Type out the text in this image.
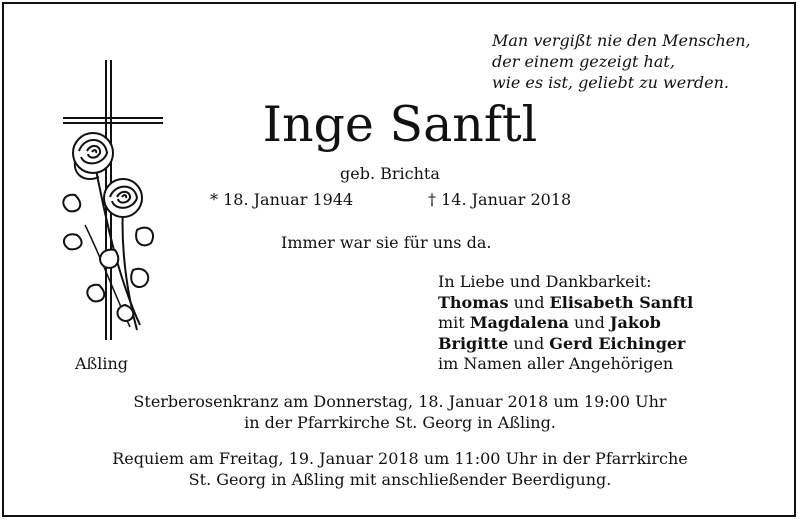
Man vergißt nie den Menschen,
der einem gezeigt hat,
wie es ist, geliebt zu werden.
Inge Sanftl
geb. Brichta
* 18. Januar 1944	† 14. Januar 2018
Immer war sie für uns da.
In Liebe und Dankbarkeit:
Thomas und Elisabeth Sanftl
mit Magdalena und Jakob
Brigitte und Gerd Eichinger
im Namen aller Angehörigen
Aßling
Sterberosenkranz am Donnerstag, 18. Januar 2018 um 19:00 Uhr
in der Pfarrkirche St. Georg in Aßling.
Requiem am Freitag, 19. Januar 2018 um 11:00 Uhr in der Pfarrkirche
St. Georg in Aßling mit anschließender Beerdigung.
